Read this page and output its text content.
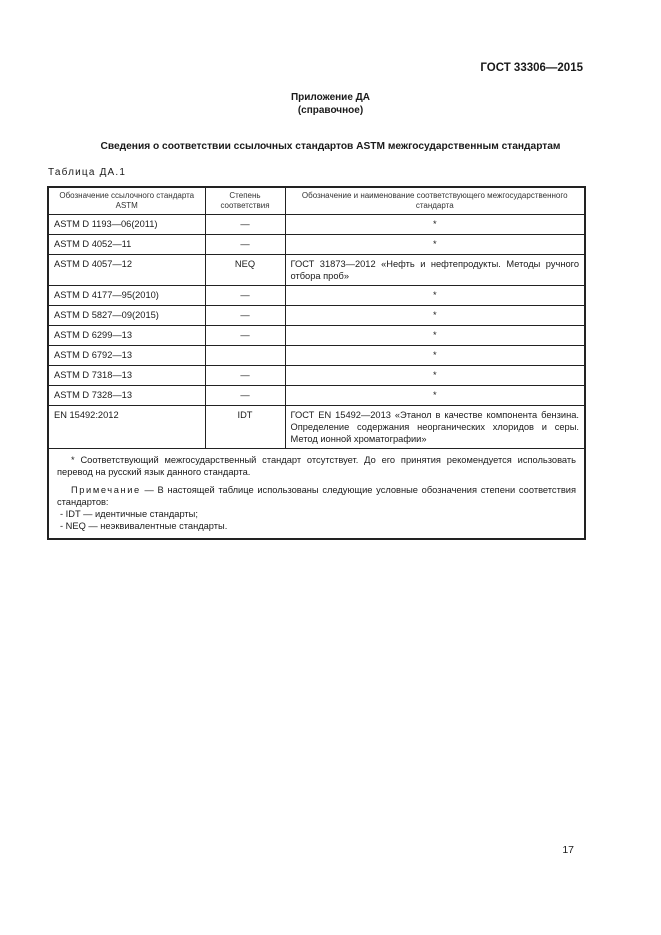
ГОСТ 33306—2015
Приложение ДА
(справочное)
Сведения о соответствии ссылочных стандартов ASTM межгосударственным стандартам
Таблица ДА.1
Обозначение ссылочного стандарта ASTM	Степень соответствия	Обозначение и наименование соответствующего межгосударственного стандарта
ASTM D 1193—06(2011)	—	*
ASTM D 4052—11	—	*
ASTM D 4057—12	NEQ	ГОСТ 31873—2012 «Нефть и нефтепродукты. Методы ручного отбора проб»
ASTM D 4177—95(2010)	—	*
ASTM D 5827—09(2015)	—	*
ASTM D 6299—13	—	*
ASTM D 6792—13		*
ASTM D 7318—13	—	*
ASTM D 7328—13	—	*
EN 15492:2012	IDT	ГОСТ EN 15492—2013 «Этанол в качестве компонента бензина. Определение содержания неорганических хлоридов и серы. Метод ионной хроматографии»

* Соответствующий межгосударственный стандарт отсутствует. До его принятия рекомендуется использовать перевод на русский язык данного стандарта.

Примечание — В настоящей таблице использованы следующие условные обозначения степени соответствия стандартов:

- IDT — идентичные стандарты;
- NEQ — неэквивалентные стандарты.		
17
